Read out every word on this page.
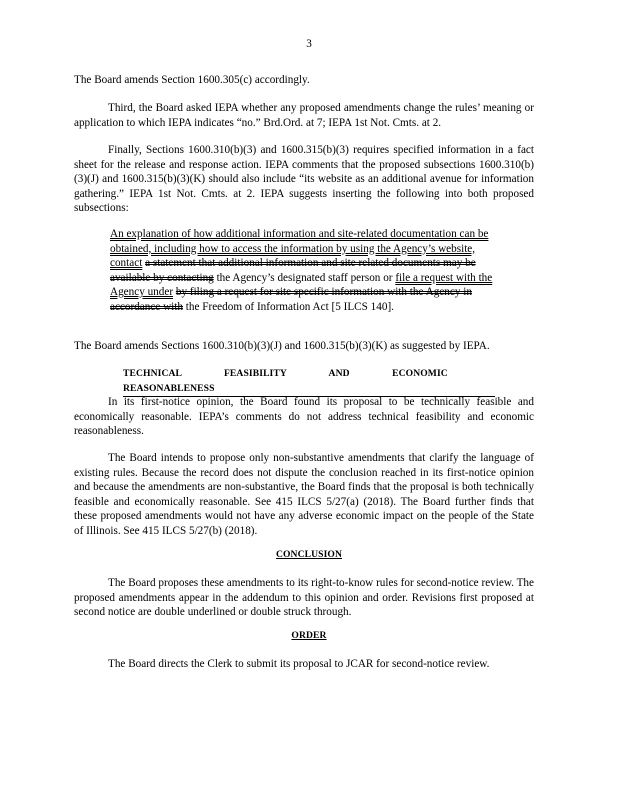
3

The Board amends Section 1600.305(c) accordingly.

Third, the Board asked IEPA whether any proposed amendments change the rules’ meaning or application to which IEPA indicates “no.” Brd.Ord. at 7; IEPA 1st Not. Cmts. at 2.

Finally, Sections 1600.310(b)(3) and 1600.315(b)(3) requires specified information in a fact sheet for the release and response action. IEPA comments that the proposed subsections 1600.310(b)(3)(J) and 1600.315(b)(3)(K) should also include “its website as an additional avenue for information gathering.” IEPA 1st Not. Cmts. at 2. IEPA suggests inserting the following into both proposed subsections:

An explanation of how additional information and site-related documentation can be obtained, including how to access the information by using the Agency’s website, contact a statement that additional information and site related documents may be available by contacting the Agency’s designated staff person or file a request with the Agency under by filing a request for site specific information with the Agency in accordance with the Freedom of Information Act [5 ILCS 140].

The Board amends Sections 1600.310(b)(3)(J) and 1600.315(b)(3)(K) as suggested by IEPA.

TECHNICAL FEASIBILITY AND ECONOMIC REASONABLENESS

In its first-notice opinion, the Board found its proposal to be technically feasible and economically reasonable. IEPA’s comments do not address technical feasibility and economic reasonableness.

The Board intends to propose only non-substantive amendments that clarify the language of existing rules. Because the record does not dispute the conclusion reached in its first-notice opinion and because the amendments are non-substantive, the Board finds that the proposal is both technically feasible and economically reasonable. See 415 ILCS 5/27(a) (2018). The Board further finds that these proposed amendments would not have any adverse economic impact on the people of the State of Illinois. See 415 ILCS 5/27(b) (2018).

CONCLUSION

The Board proposes these amendments to its right-to-know rules for second-notice review. The proposed amendments appear in the addendum to this opinion and order. Revisions first proposed at second notice are double underlined or double struck through.

ORDER

The Board directs the Clerk to submit its proposal to JCAR for second-notice review.
